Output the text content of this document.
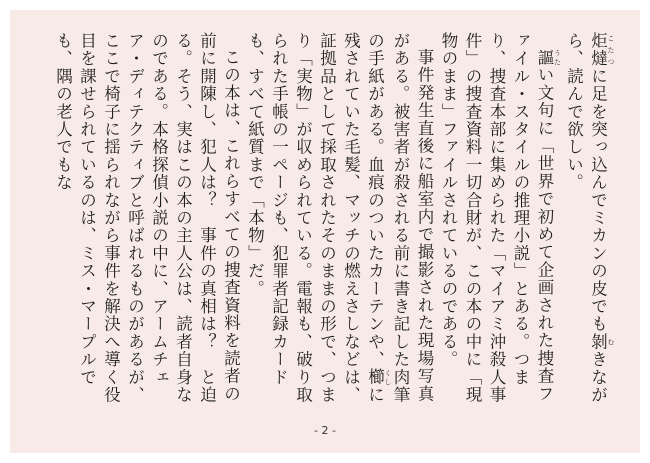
炬燵 こたつに足を突っ込んでミカンの皮でも剝 むきながら、読んで欲しい。

謳 うたい文句に「世界で初めて企画された捜査ファイル・スタイルの推理小説」とある。つまり、捜査本部に集められた「マイアミ沖殺人事件」の捜査資料一切合財が、この本の中に「現物のまま」ファイルされているのである。

事件発生直後に船室内で撮影された現場写真がある。被害者が殺される前に書き記した肉筆の手紙がある。血痕のついたカーテンや、櫛 くしに残されていた毛髪、マッチの燃えさしなどは、証拠品として採取されたそのままの形で、つまり「実物」が収められている。電報も、破り取られた手帳の一ページも、犯罪者記録カードも、すべて紙質まで「本物」だ。

この本は、これらすべての捜査資料を読者の前に開陳し、犯人は？　事件の真相は？　と迫る。そう、実はこの本の主人公は、読者自身なのである。本格探偵小説の中に、アームチェア・ディテクティブと呼ばれるものがあるが、ここで椅子に揺られながら事件を解決へ導く役目を課せられているのは、ミス・マープルでも、隅の老人でもな

- 2 -
